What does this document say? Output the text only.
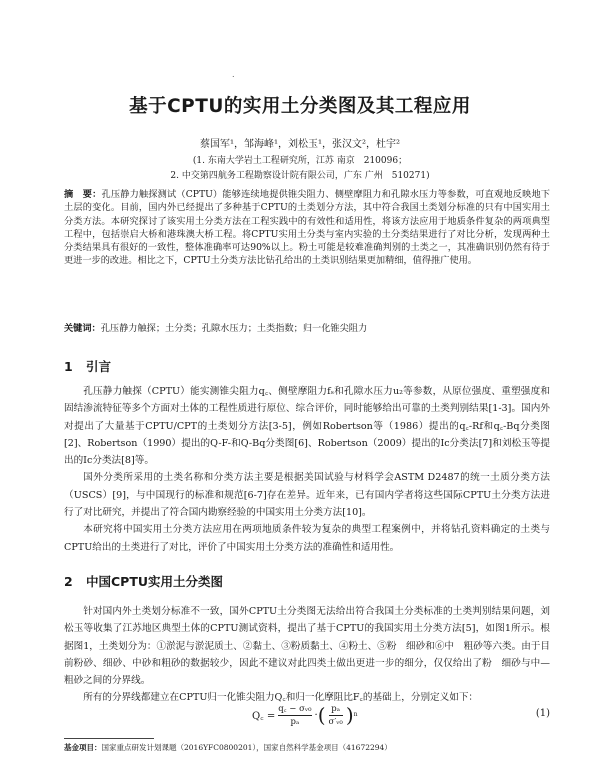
.
基于CPTU的实用土分类图及其工程应用
蔡国军¹，邹海峰¹，刘松玉¹，张汉文²，杜宇²
(1. 东南大学岩土工程研究所，江苏 南京　210096；
2. 中交第四航务工程勘察设计院有限公司，广东 广州　510271)
摘　要：孔压静力触探测试（CPTU）能够连续地提供锥尖阻力、侧壁摩阻力和孔隙水压力等参数，可直观地反映地下土层的变化。目前，国内外已经提出了多种基于CPTU的土类划分方法，其中符合我国土类划分标准的只有中国实用土分类方法。本研究探讨了该实用土分类方法在工程实践中的有效性和适用性，将该方法应用于地质条件复杂的两项典型工程中，包括崇启大桥和港珠澳大桥工程。将CPTU实用土分类与室内实验的土分类结果进行了对比分析，发现两种土分类结果具有很好的一致性，整体准确率可达90%以上。粉土可能是较难准确判别的土类之一，其准确识别仍然有待于更进一步的改进。相比之下，CPTU土分类方法比钻孔给出的土类识别结果更加精细，值得推广使用。
关键词：孔压静力触探；土分类；孔隙水压力；土类指数；归一化锥尖阻力
1 引言

孔压静力触探（CPTU）能实测锥尖阻力q꜀、侧壁摩阻力fₛ和孔隙水压力u₂等参数，从原位强度、重塑强度和固结渗流特征等多个方面对土体的工程性质进行原位、综合评价，同时能够给出可靠的土类判别结果[1-3]。国内外对提出了大量基于CPTU/CPT的土类划分方法[3-5]，例如Robertson等（1986）提出的q꜀-Rf和q꜀-Bq分类图[2]、Robertson（1990）提出的Q-F-和Q-Bq分类图[6]、Robertson（2009）提出的Ic分类法[7]和刘松玉等提出的Ic分类法[8]等。

国外分类所采用的土类名称和分类方法主要是根据美国试验与材料学会ASTM D2487的统一土质分类方法（USCS）[9]，与中国现行的标准和规范[6-7]存在差异。近年来，已有国内学者将这些国际CPTU土分类方法进行了对比研究，并提出了符合国内勘察经验的中国实用土分类方法[10]。

本研究将中国实用土分类方法应用在两项地质条件较为复杂的典型工程案例中，并将钻孔资料确定的土类与CPTU给出的土类进行了对比，评价了中国实用土分类方法的准确性和适用性。

2 中国CPTU实用土分类图

针对国内外土类划分标准不一致，国外CPTU土分类图无法给出符合我国土分类标准的土类判别结果问题，刘松玉等收集了江苏地区典型土体的CPTU测试资料，提出了基于CPTU的我国实用土分类方法[5]，如图1所示。根据图1，土类划分为：①淤泥与淤泥质土、②黏土、③粉质黏土、④粉土、⑤粉　细砂和⑥中　粗砂等六类。由于目前粉砂、细砂、中砂和粗砂的数据较少，因此不建议对此四类土做出更进一步的细分，仅仅给出了粉　细砂与中—粗砂之间的分界线。

所有的分界线都建立在CPTU归一化锥尖阻力Q꜀和归一化摩阻比F꜀的基础上，分别定义如下：

Q꜀ = $\frac{\text{q꜀ − σᵥ₀}}{\text{pₐ}}$ · ( $\frac{\text{pₐ}}{\text{σ′ᵥ₀}}$ ) n	(1)
基金项目：国家重点研发计划课题（2016YFC0800201），国家自然科学基金项目（41672294）
